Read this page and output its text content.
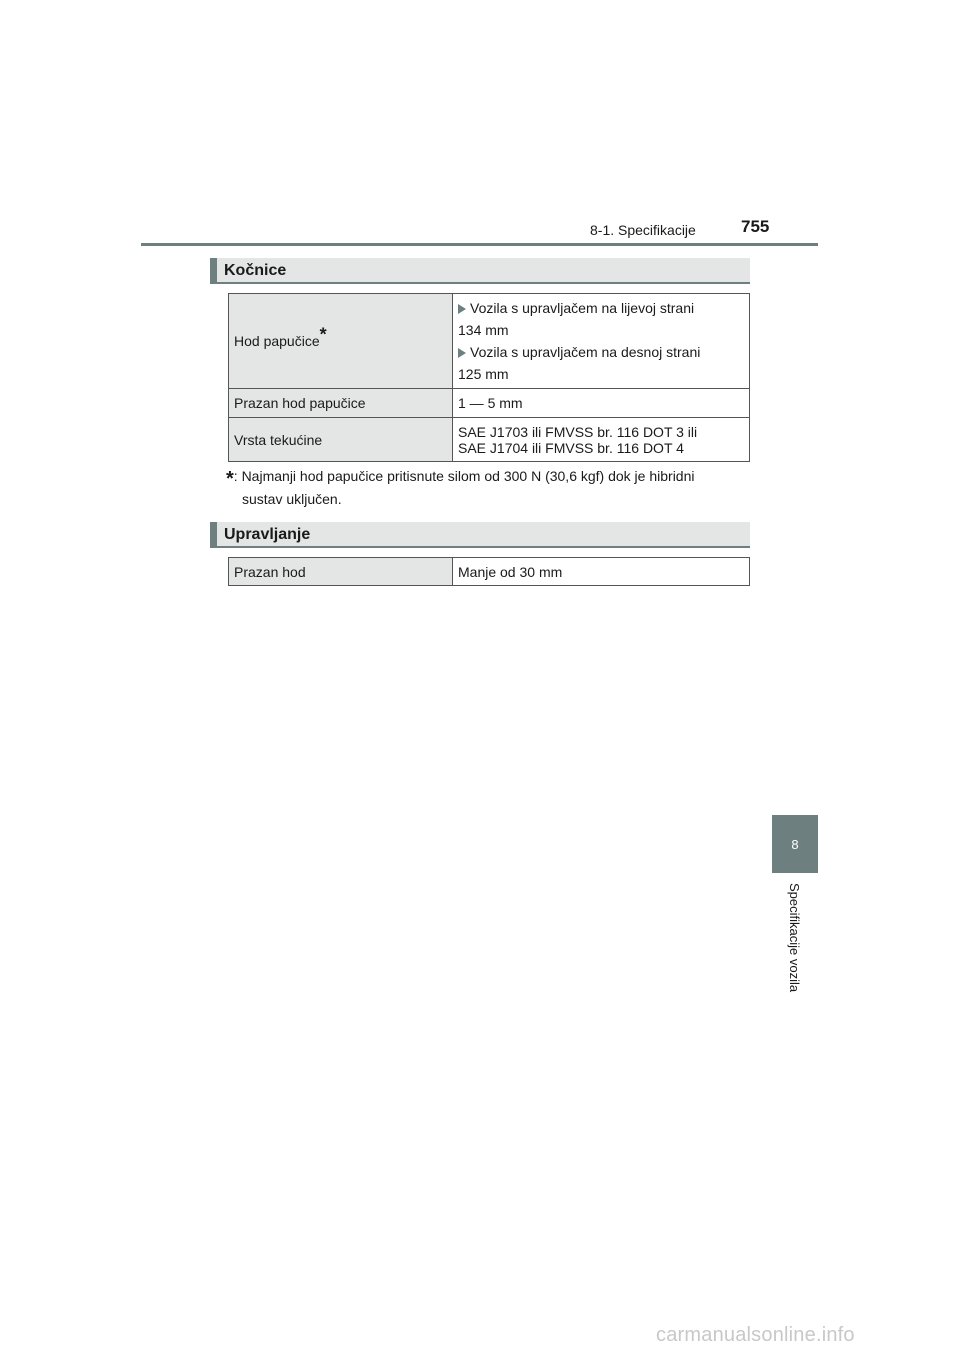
8-1. Specifikacije	755
8
Specifikacije vozila
Kočnice
Hod papučice*	Vozila s upravljačem na lijevoj strani

134 mm

Vozila s upravljačem na desnoj strani

125 mm

Prazan hod papučice	1 — 5 mm
Vrsta tekućine	SAE J1703 ili FMVSS br. 116 DOT 3 ili
SAE J1704 ili FMVSS br. 116 DOT 4
*: Najmanji hod papučice pritisnute silom od 300 N (30,6 kgf) dok je hibridni
sustav uključen.
Upravljanje
Prazan hod	Manje od 30 mm
carmanualsonline.info
